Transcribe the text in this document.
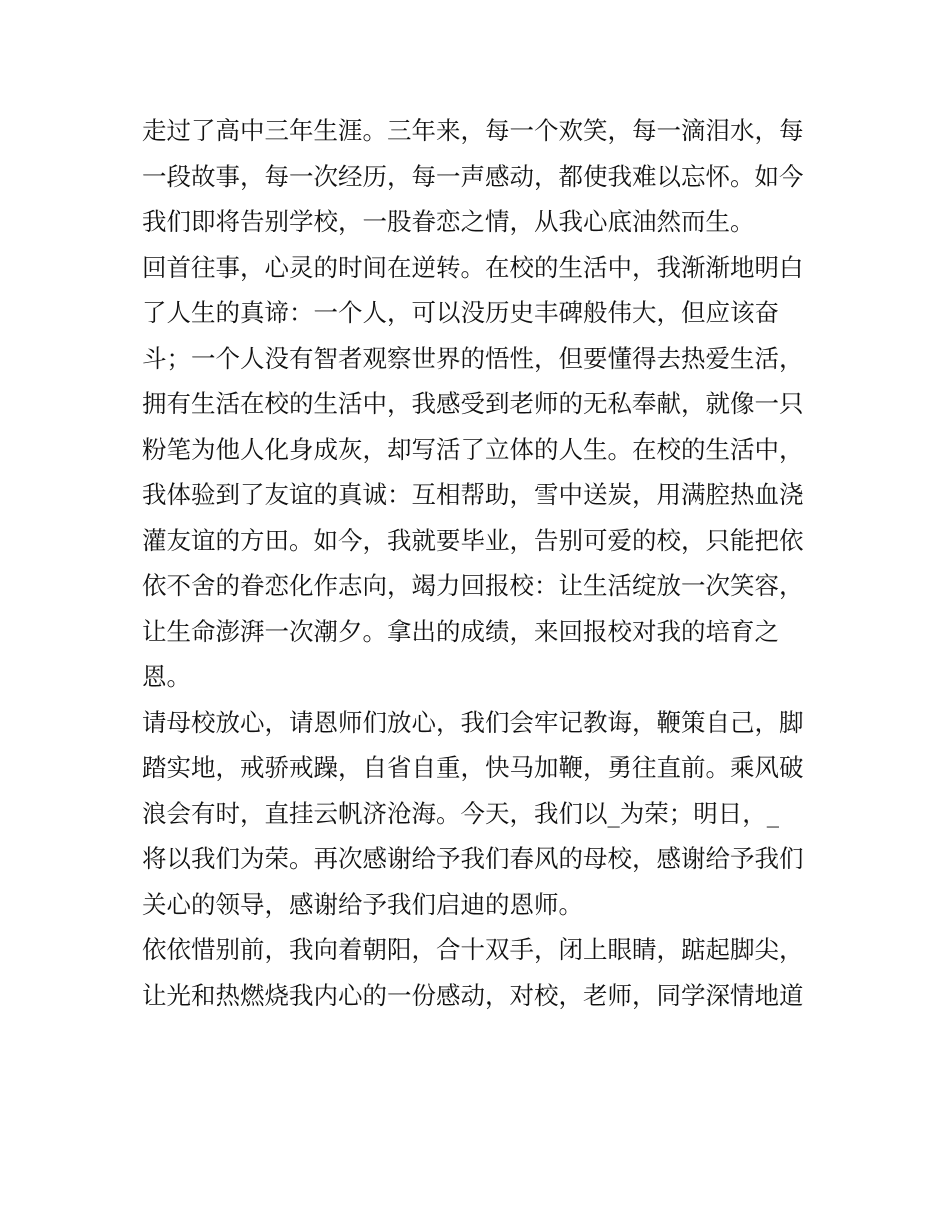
走过了高中三年生涯。三年来，每一个欢笑，每一滴泪水，每
一段故事，每一次经历，每一声感动，都使我难以忘怀。如今
我们即将告别学校，一股眷恋之情，从我心底油然而生。
回首往事，心灵的时间在逆转。在校的生活中，我渐渐地明白
了人生的真谛：一个人，可以没历史丰碑般伟大，但应该奋
斗；一个人没有智者观察世界的悟性，但要懂得去热爱生活，
拥有生活在校的生活中，我感受到老师的无私奉献，就像一只
粉笔为他人化身成灰，却写活了立体的人生。在校的生活中，
我体验到了友谊的真诚：互相帮助，雪中送炭，用满腔热血浇
灌友谊的方田。如今，我就要毕业，告别可爱的校，只能把依
依不舍的眷恋化作志向，竭力回报校：让生活绽放一次笑容，
让生命澎湃一次潮夕。拿出的成绩，来回报校对我的培育之
恩。
请母校放心，请恩师们放心，我们会牢记教诲，鞭策自己，脚
踏实地，戒骄戒躁，自省自重，快马加鞭，勇往直前。乘风破
浪会有时，直挂云帆济沧海。今天，我们以_为荣；明日，_
将以我们为荣。再次感谢给予我们春风的母校，感谢给予我们
关心的领导，感谢给予我们启迪的恩师。
依依惜别前，我向着朝阳，合十双手，闭上眼睛，踮起脚尖，
让光和热燃烧我内心的一份感动，对校，老师，同学深情地道
